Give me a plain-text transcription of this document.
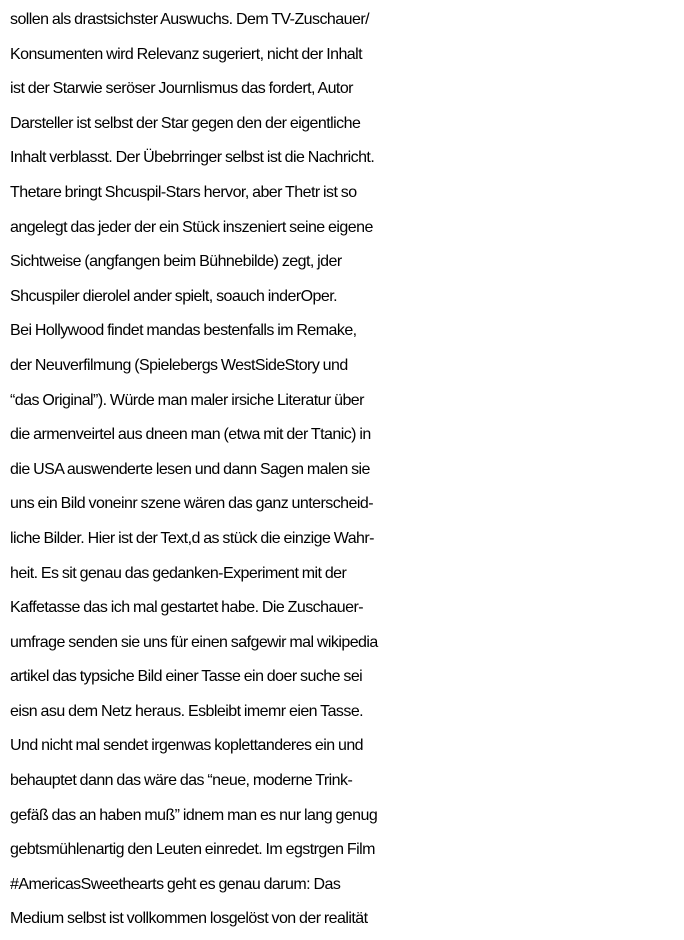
sollen als drastsichster Auswuchs. Dem TV-Zuschauer/
Konsumenten wird Relevanz sugeriert, nicht der Inhalt
ist der Starwie seröser Journlismus das fordert, Autor
Darsteller ist selbst der Star gegen den der eigentliche
Inhalt verblasst. Der Übebrringer selbst ist die Nachricht.
Thetare bringt Shcuspil-Stars hervor, aber Thetr ist so
angelegt das jeder der ein Stück inszeniert seine eigene
Sichtweise (angfangen beim Bühnebilde) zegt, jder
Shcuspiler dierolel ander spielt, soauch inderOper.
Bei Hollywood findet mandas bestenfalls im Remake,
der Neuverfilmung (Spielebergs WestSideStory und
“das Original”). Würde man maler irsiche Literatur über
die armenveirtel aus dneen man (etwa mit der Ttanic) in
die USA auswenderte lesen und dann Sagen malen sie
uns ein Bild voneinr szene wären das ganz unterscheid-
liche Bilder. Hier ist der Text,d as stück die einzige Wahr-
heit. Es sit genau das gedanken-Experiment mit der
Kaffetasse das ich mal gestartet habe. Die Zuschauer-
umfrage senden sie uns für einen safgewir mal wikipedia
artikel das typsiche Bild einer Tasse ein doer suche sei
eisn asu dem Netz heraus. Esbleibt imemr eien Tasse.
Und nicht mal sendet irgenwas koplettanderes ein und
behauptet dann das wäre das “neue, moderne Trink-
gefäß das an haben muß” idnem man es nur lang genug
gebtsmühlenartig den Leuten einredet. Im egstrgen Film
#AmericasSweethearts geht es genau darum: Das
Medium selbst ist vollkommen losgelöst von der realität
